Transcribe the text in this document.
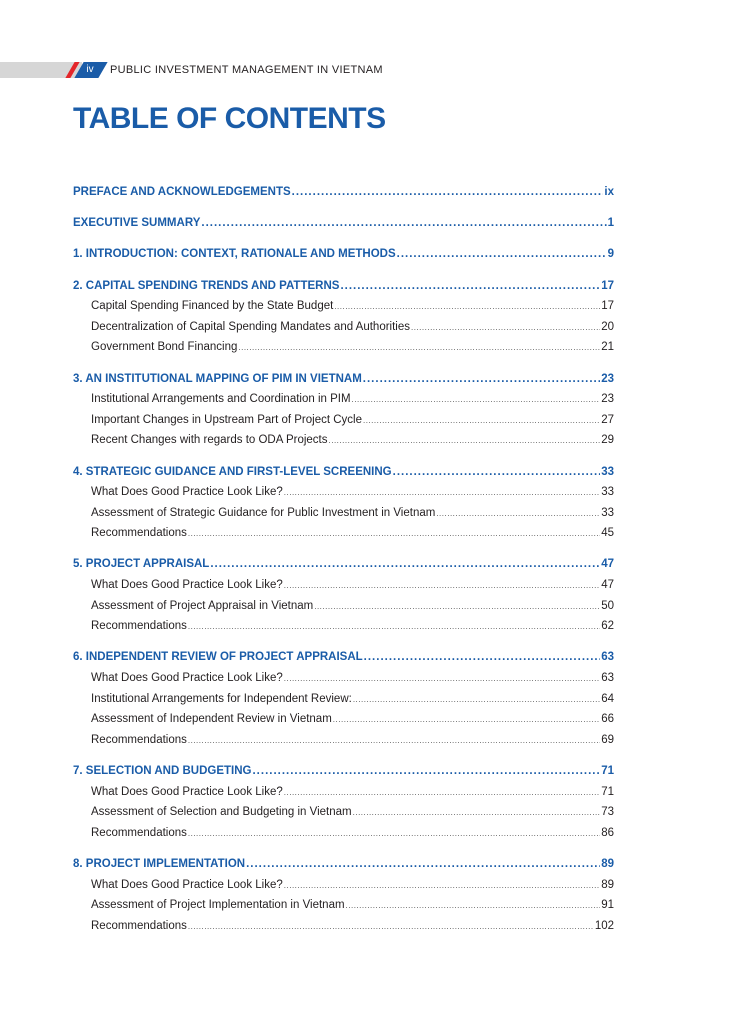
iv	PUBLIC INVESTMENT MANAGEMENT IN VIETNAM
TABLE OF CONTENTS
PREFACE AND ACKNOWLEDGEMENTS .....	ix
EXECUTIVE SUMMARY .....	1
1. INTRODUCTION: CONTEXT, RATIONALE AND METHODS .....	9
2. CAPITAL SPENDING TRENDS AND PATTERNS .....	17
Capital Spending Financed by the State Budget .....	17
Decentralization of Capital Spending Mandates and Authorities .....	20
Government Bond Financing .....	21
3. AN INSTITUTIONAL MAPPING OF PIM IN VIETNAM .....	23
Institutional Arrangements and Coordination in PIM .....	23
Important Changes in Upstream Part of Project Cycle .....	27
Recent Changes with regards to ODA Projects .....	29
4. STRATEGIC GUIDANCE AND FIRST-LEVEL SCREENING .....	33
What Does Good Practice Look Like? .....	33
Assessment of Strategic Guidance for Public Investment in Vietnam .....	33
Recommendations .....	45
5. PROJECT APPRAISAL .....	47
What Does Good Practice Look Like? .....	47
Assessment of Project Appraisal in Vietnam .....	50
Recommendations .....	62
6. INDEPENDENT REVIEW OF PROJECT APPRAISAL .....	63
What Does Good Practice Look Like? .....	63
Institutional Arrangements for Independent Review: .....	64
Assessment of Independent Review in Vietnam .....	66
Recommendations .....	69
7. SELECTION AND BUDGETING .....	71
What Does Good Practice Look Like? .....	71
Assessment of Selection and Budgeting in Vietnam .....	73
Recommendations .....	86
8. PROJECT IMPLEMENTATION .....	89
What Does Good Practice Look Like? .....	89
Assessment of Project Implementation in Vietnam .....	91
Recommendations .....	102
